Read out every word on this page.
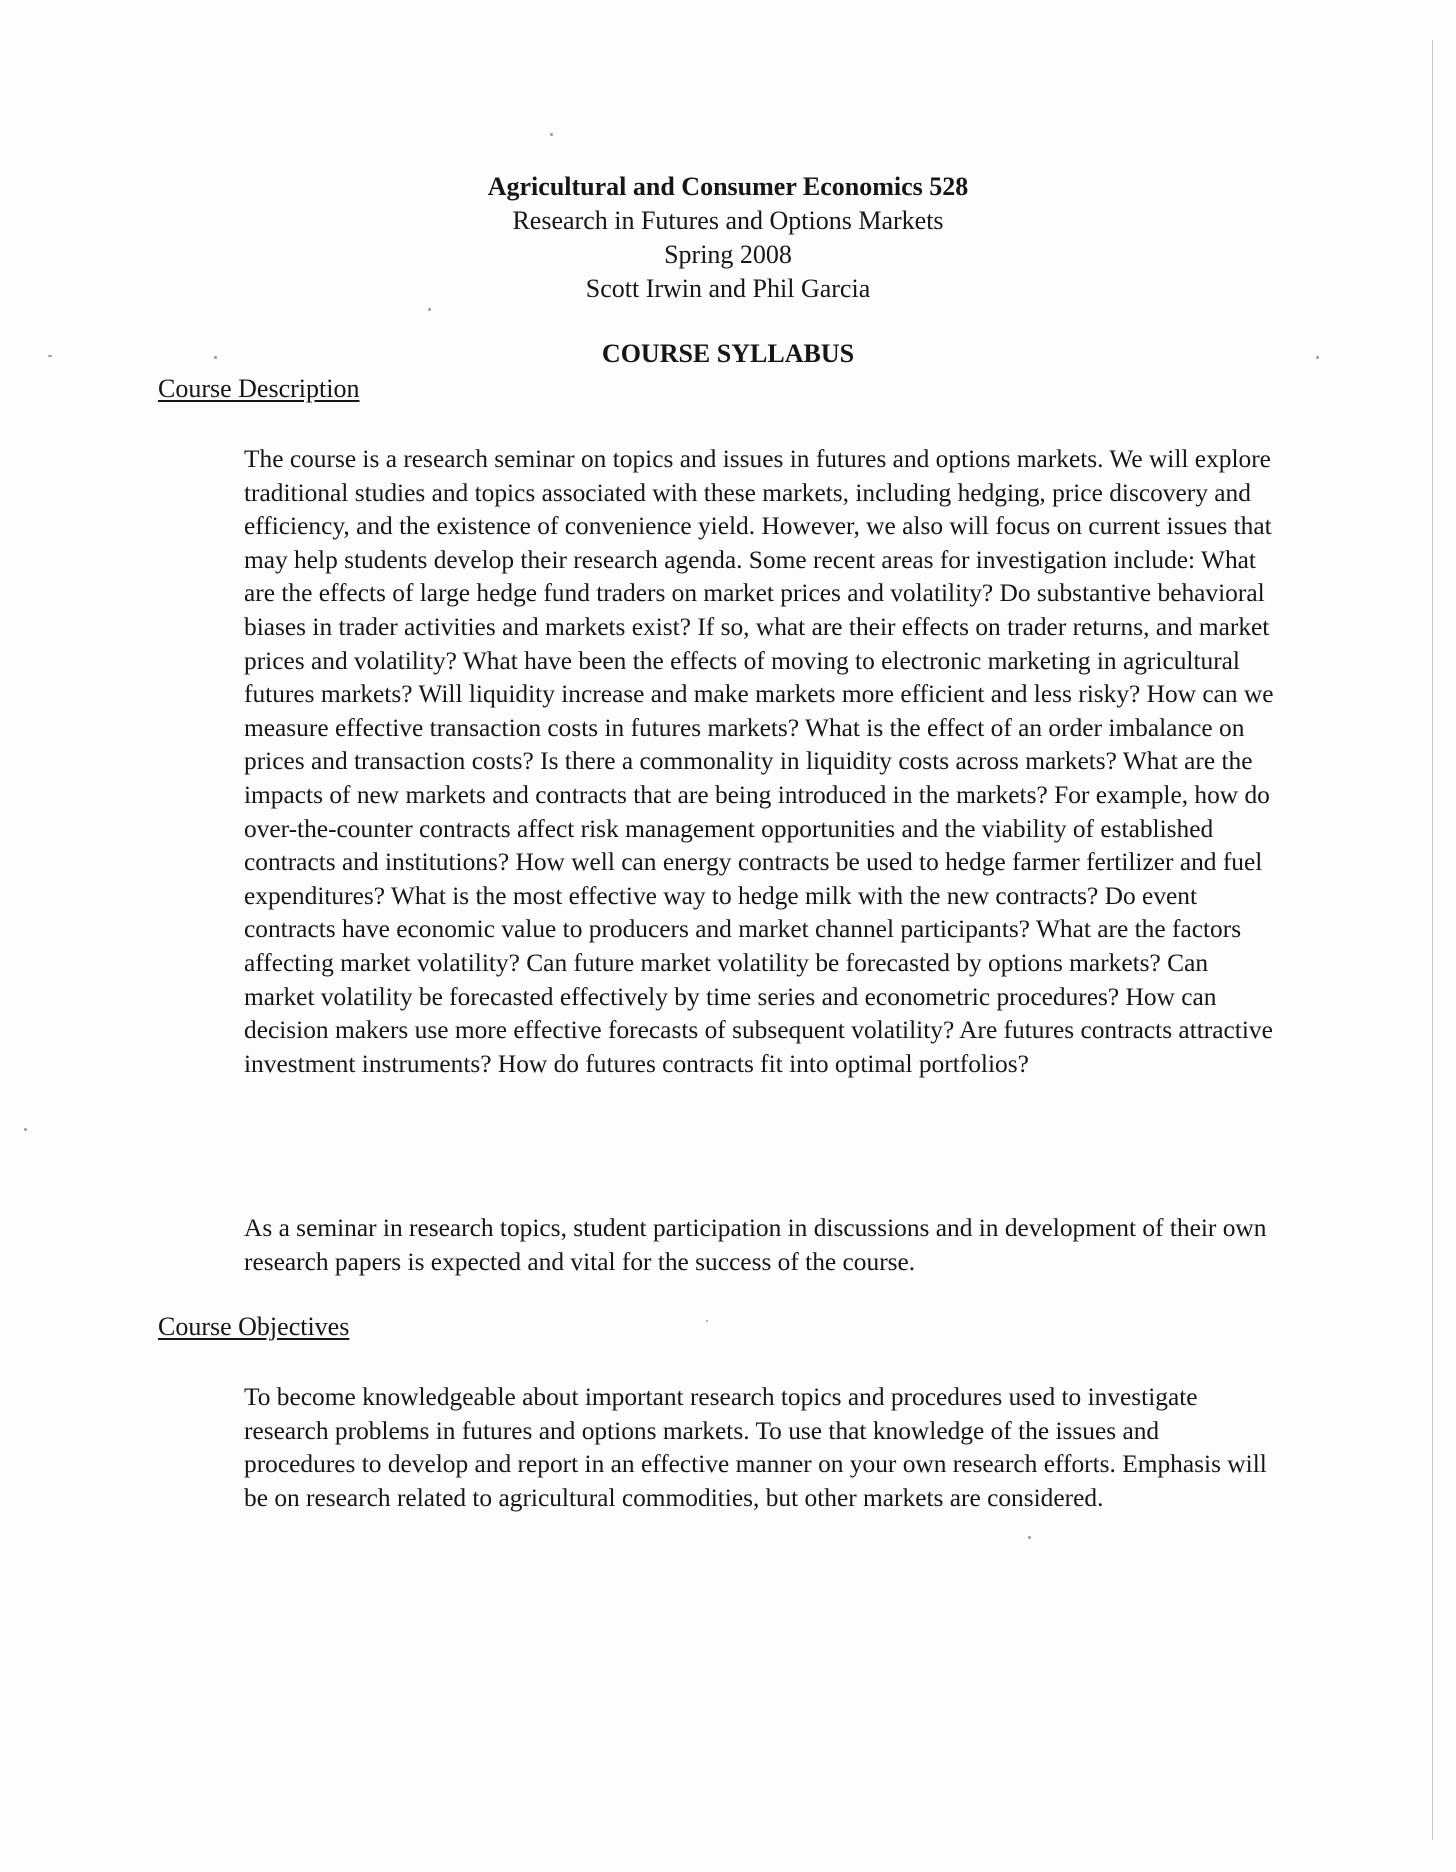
Agricultural and Consumer Economics 528
Research in Futures and Options Markets
Spring 2008
Scott Irwin and Phil Garcia
COURSE SYLLABUS
Course Description

The course is a research seminar on topics and issues in futures and options markets. We will explore traditional studies and topics associated with these markets, including hedging, price discovery and efficiency, and the existence of convenience yield. However, we also will focus on current issues that may help students develop their research agenda. Some recent areas for investigation include: What are the effects of large hedge fund traders on market prices and volatility? Do substantive behavioral biases in trader activities and markets exist? If so, what are their effects on trader returns, and market prices and volatility? What have been the effects of moving to electronic marketing in agricultural futures markets? Will liquidity increase and make markets more efficient and less risky? How can we measure effective transaction costs in futures markets? What is the effect of an order imbalance on prices and transaction costs? Is there a commonality in liquidity costs across markets? What are the impacts of new markets and contracts that are being introduced in the markets? For example, how do over-the-counter contracts affect risk management opportunities and the viability of established contracts and institutions? How well can energy contracts be used to hedge farmer fertilizer and fuel expenditures? What is the most effective way to hedge milk with the new contracts? Do event contracts have economic value to producers and market channel participants? What are the factors affecting market volatility? Can future market volatility be forecasted by options markets? Can market volatility be forecasted effectively by time series and econometric procedures? How can decision makers use more effective forecasts of subsequent volatility? Are futures contracts attractive investment instruments? How do futures contracts fit into optimal portfolios?

As a seminar in research topics, student participation in discussions and in development of their own research papers is expected and vital for the success of the course.

Course Objectives

To become knowledgeable about important research topics and procedures used to investigate research problems in futures and options markets. To use that knowledge of the issues and procedures to develop and report in an effective manner on your own research efforts. Emphasis will be on research related to agricultural commodities, but other markets are considered.
